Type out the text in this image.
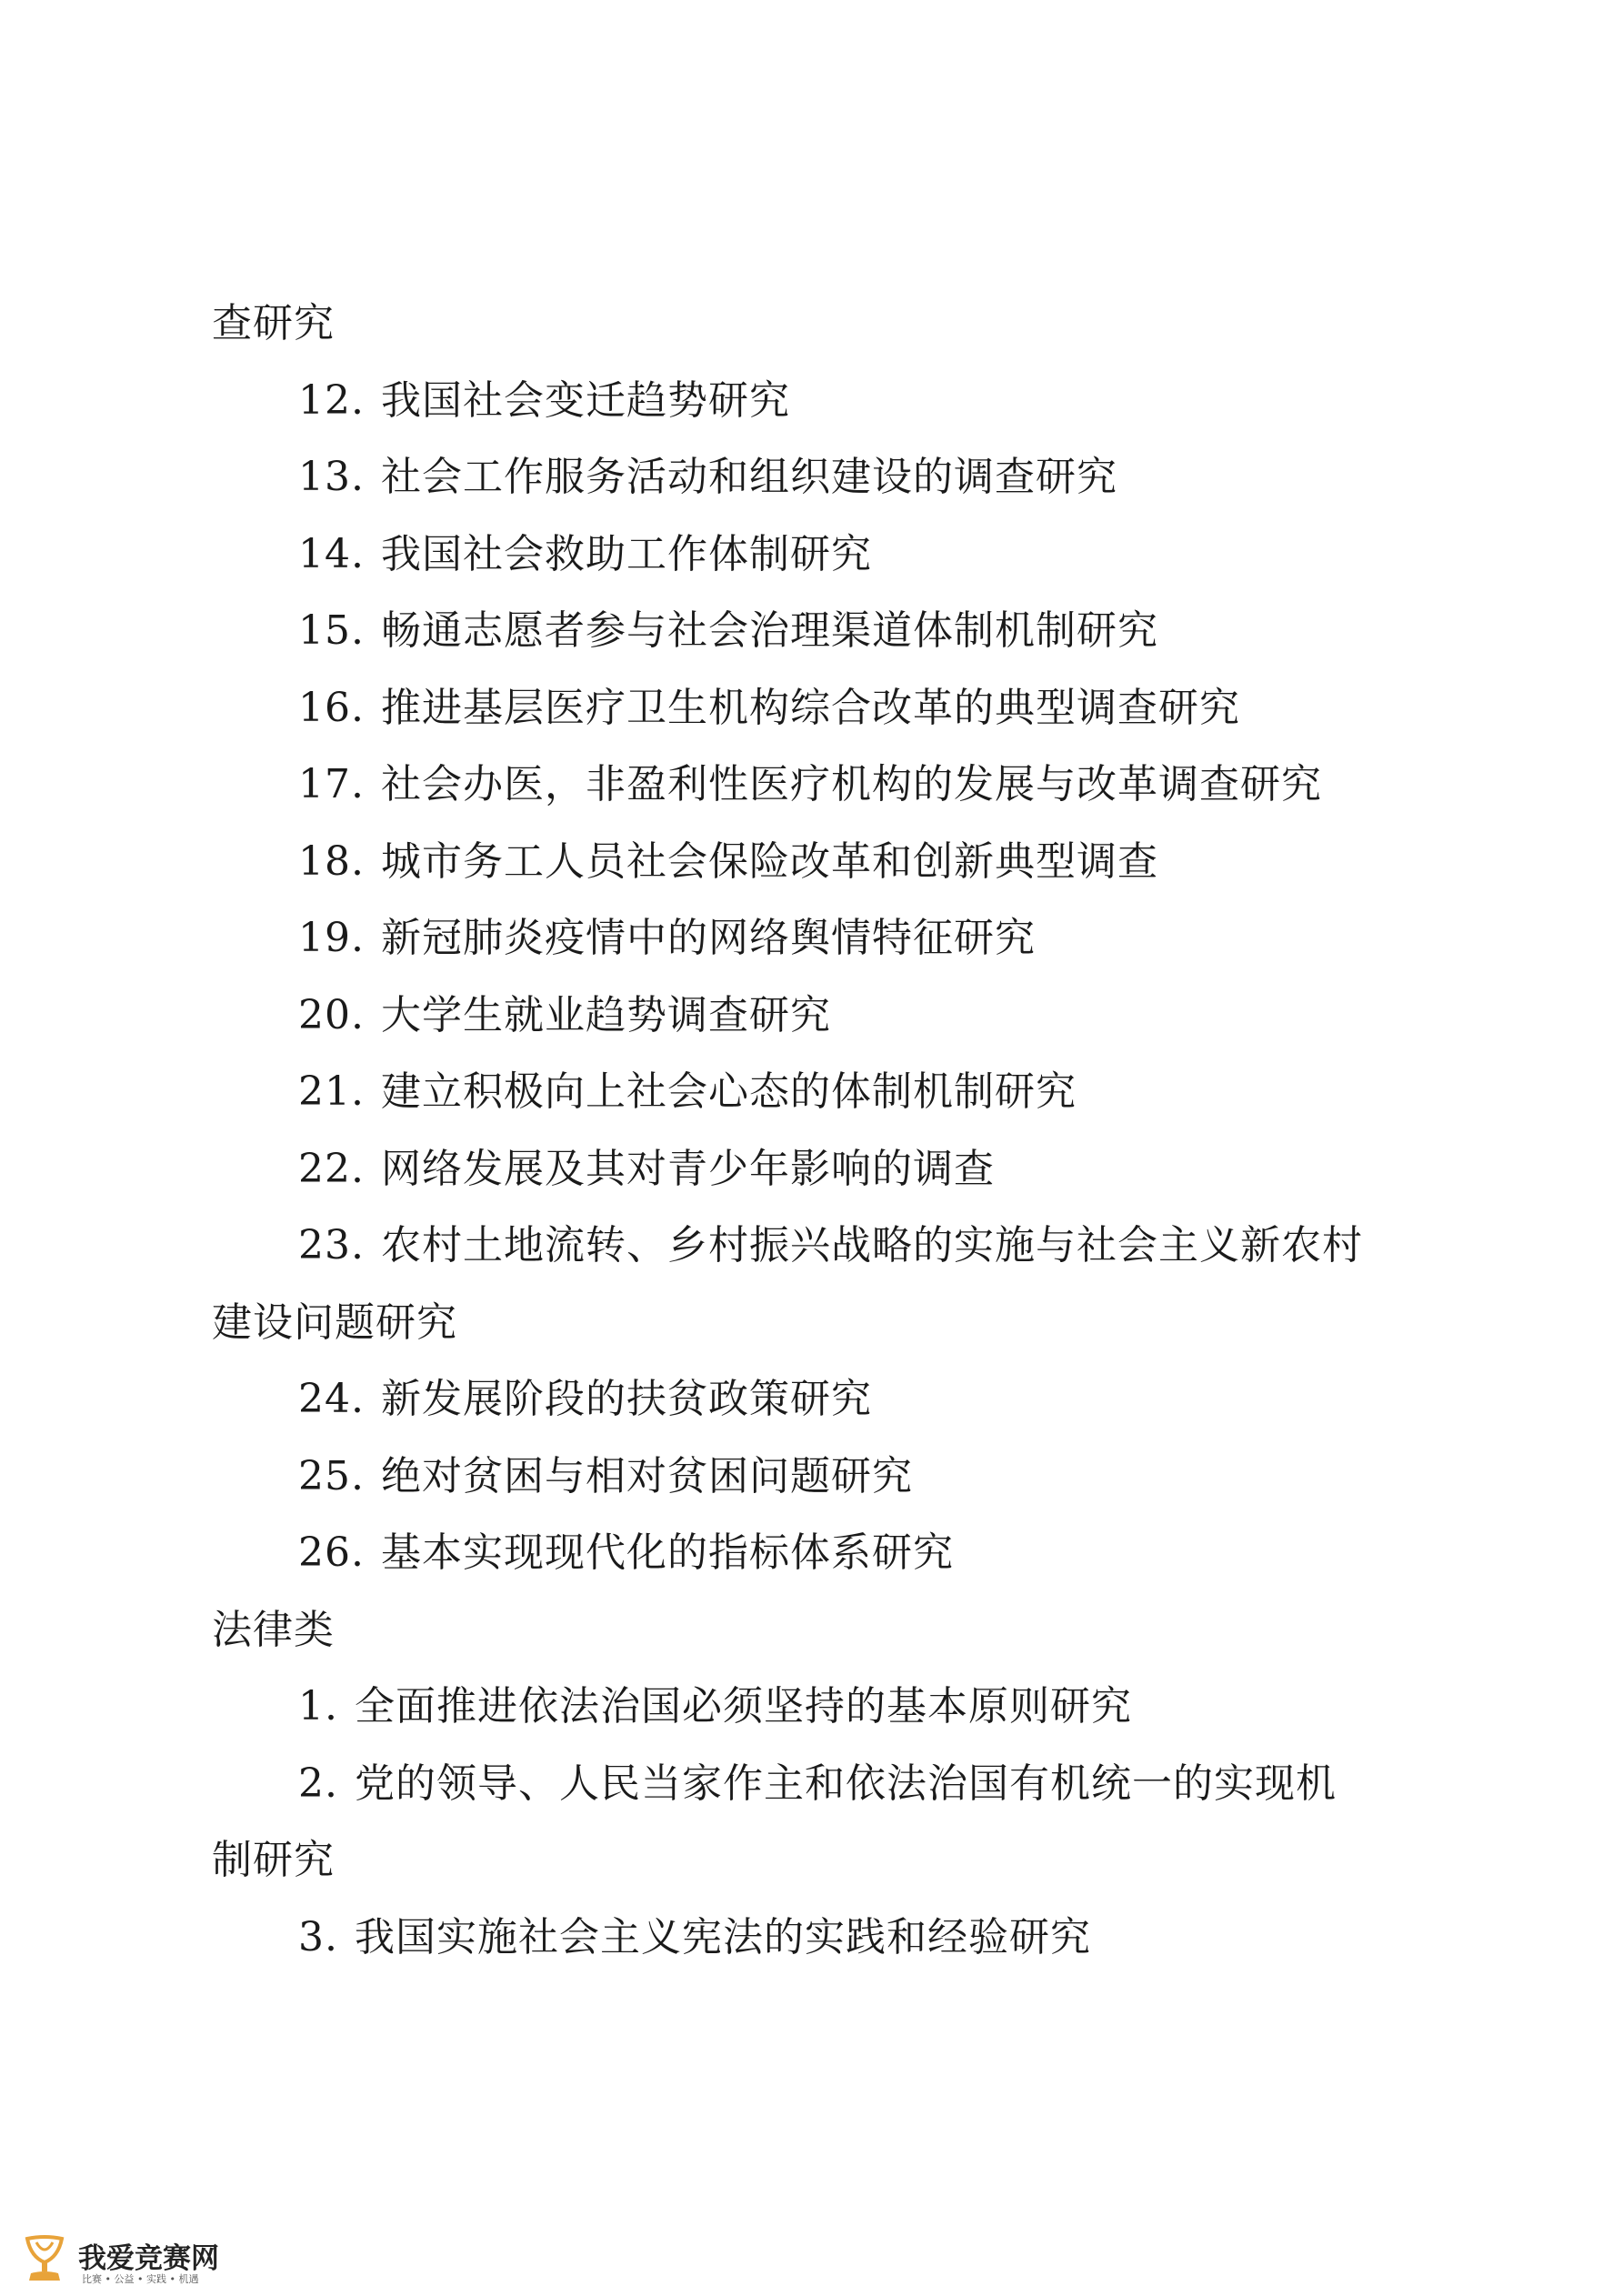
查研究
12. 我国社会变迁趋势研究
13. 社会工作服务活动和组织建设的调查研究
14. 我国社会救助工作体制研究
15. 畅通志愿者参与社会治理渠道体制机制研究
16. 推进基层医疗卫生机构综合改革的典型调查研究
17. 社会办医，非盈利性医疗机构的发展与改革调查研究
18. 城市务工人员社会保险改革和创新典型调查
19. 新冠肺炎疫情中的网络舆情特征研究
20. 大学生就业趋势调查研究
21. 建立积极向上社会心态的体制机制研究
22. 网络发展及其对青少年影响的调查
23. 农村土地流转、乡村振兴战略的实施与社会主义新农村
建设问题研究
24. 新发展阶段的扶贫政策研究
25. 绝对贫困与相对贫困问题研究
26. 基本实现现代化的指标体系研究
法律类
1. 全面推进依法治国必须坚持的基本原则研究
2. 党的领导、人民当家作主和依法治国有机统一的实现机
制研究
3. 我国实施社会主义宪法的实践和经验研究
我爱竞赛网
比赛 • 公益 • 实践 • 机遇
